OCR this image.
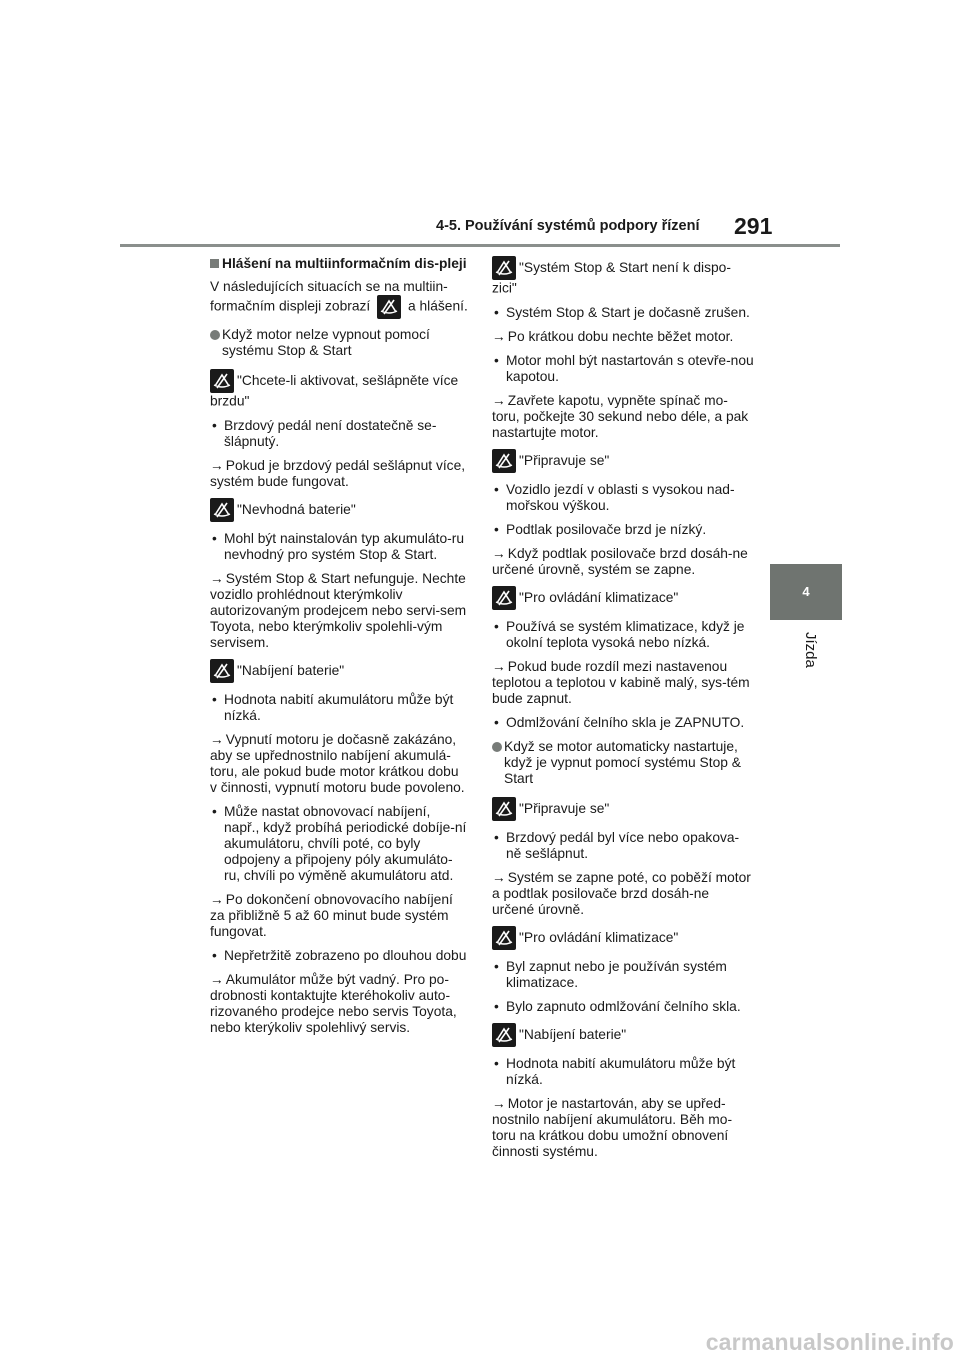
4-5. Používání systémů podpory řízení 291
4
Jízda
Hlášení na multiinformačním dis-pleji
V následujících situacích se na multiin-formačním displeji zobrazí	a hlášení.
Když motor nelze vypnout pomocí systému Stop & Start
"Chcete-li aktivovat, sešlápněte více brzdu"
• Brzdový pedál není dostatečně se-šlápnutý.
→ Pokud je brzdový pedál sešlápnut více, systém bude fungovat.
"Nevhodná baterie"
• Mohl být nainstalován typ akumuláto-ru nevhodný pro systém Stop & Start.
→ Systém Stop & Start nefunguje. Nechte vozidlo prohlédnout kterýmkoliv autorizovaným prodejcem nebo servi-sem Toyota, nebo kterýmkoliv spolehli-vým servisem.
"Nabíjení baterie"
• Hodnota nabití akumulátoru může být nízká.
→ Vypnutí motoru je dočasně zakázáno, aby se upřednostnilo nabíjení akumulá-toru, ale pokud bude motor krátkou dobu v činnosti, vypnutí motoru bude povoleno.
• Může nastat obnovovací nabíjení, např., když probíhá periodické dobíje-ní akumulátoru, chvíli poté, co byly odpojeny a připojeny póly akumuláto-ru, chvíli po výměně akumulátoru atd.
→ Po dokončení obnovovacího nabíjení za přibližně 5 až 60 minut bude systém fungovat.
• Nepřetržitě zobrazeno po dlouhou dobu
→ Akumulátor může být vadný. Pro po-drobnosti kontaktujte kteréhokoliv auto-rizovaného prodejce nebo servis Toyota, nebo kterýkoliv spolehlivý servis.
"Systém Stop & Start není k dispo-zici"
• Systém Stop & Start je dočasně zrušen.
→ Po krátkou dobu nechte běžet motor.
• Motor mohl být nastartován s otevře-nou kapotou.
→ Zavřete kapotu, vypněte spínač mo-toru, počkejte 30 sekund nebo déle, a pak nastartujte motor.
"Připravuje se"
• Vozidlo jezdí v oblasti s vysokou nad-mořskou výškou.
• Podtlak posilovače brzd je nízký.
→ Když podtlak posilovače brzd dosáh-ne určené úrovně, systém se zapne.
"Pro ovládání klimatizace"
• Používá se systém klimatizace, když je okolní teplota vysoká nebo nízká.
→ Pokud bude rozdíl mezi nastavenou teplotou a teplotou v kabině malý, sys-tém bude zapnut.
• Odmlžování čelního skla je ZAPNUTO.
Když se motor automaticky nastartuje, když je vypnut pomocí systému Stop & Start
"Připravuje se"
• Brzdový pedál byl více nebo opakova-ně sešlápnut.
→ Systém se zapne poté, co poběží motor a podtlak posilovače brzd dosáh-ne určené úrovně.
"Pro ovládání klimatizace"
• Byl zapnut nebo je používán systém klimatizace.
• Bylo zapnuto odmlžování čelního skla.
"Nabíjení baterie"
• Hodnota nabití akumulátoru může být nízká.
→ Motor je nastartován, aby se upřed-nostnilo nabíjení akumulátoru. Běh mo-toru na krátkou dobu umožní obnovení činnosti systému.
carmanualsonline.info
